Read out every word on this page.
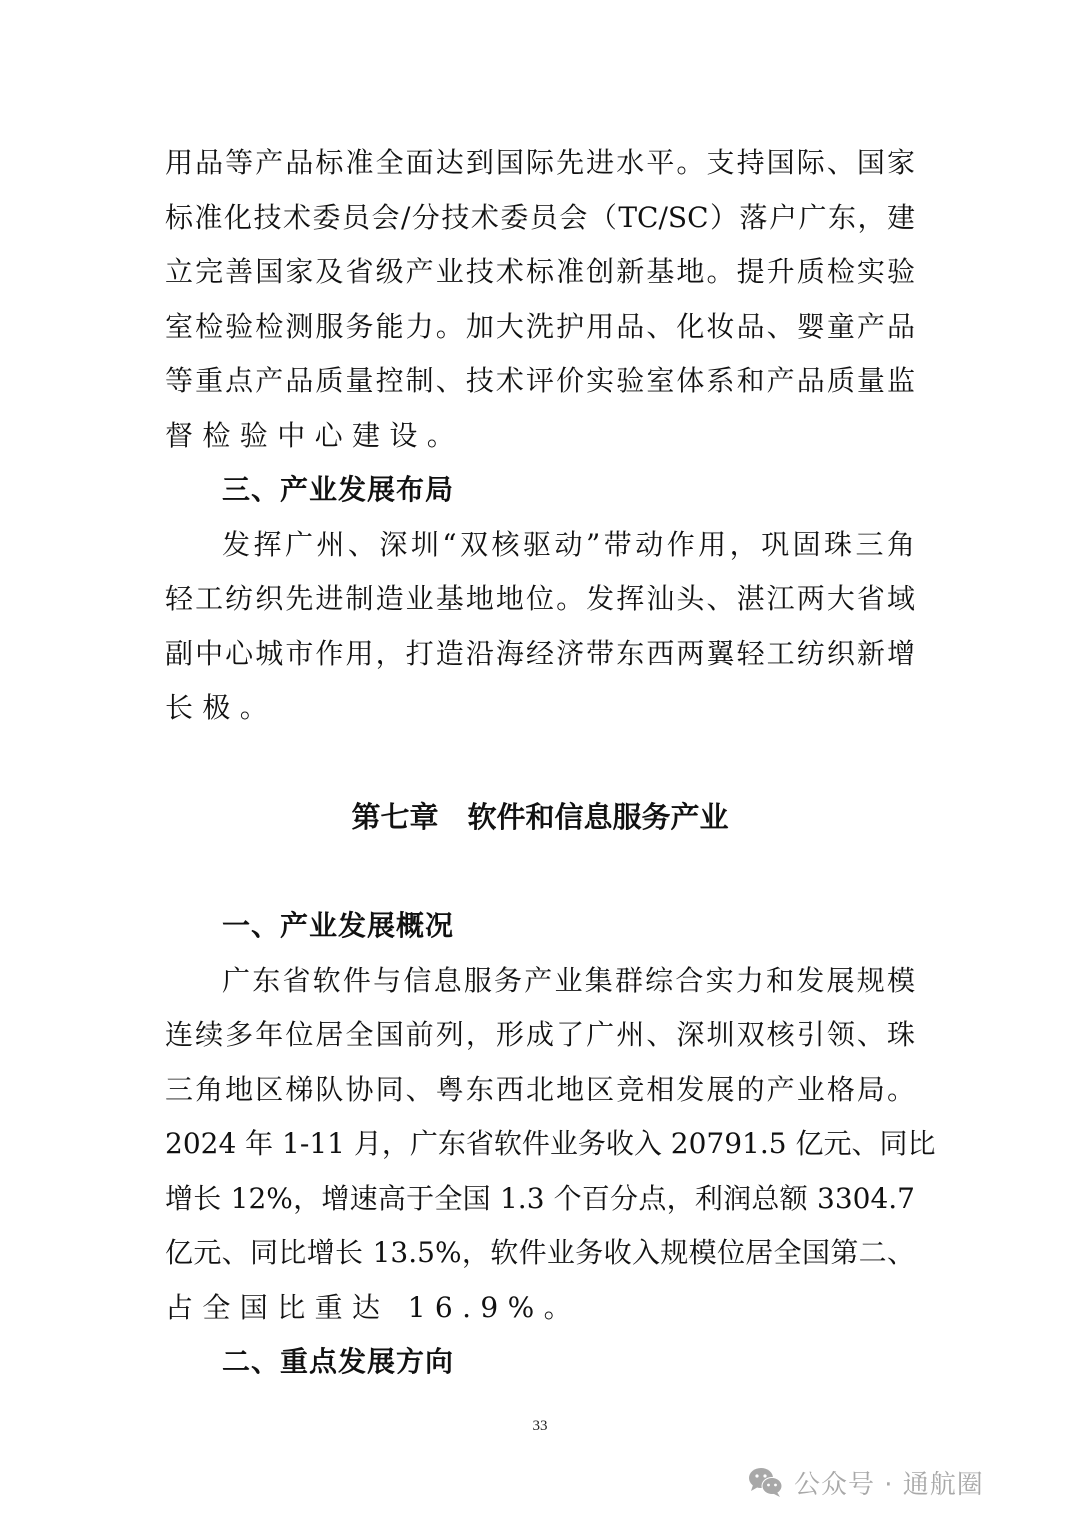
用品等产品标准全面达到国际先进水平。支持国际、国家
标准化技术委员会/分技术委员会（TC/SC）落户广东，建
立完善国家及省级产业技术标准创新基地。提升质检实验
室检验检测服务能力。加大洗护用品、化妆品、婴童产品
等重点产品质量控制、技术评价实验室体系和产品质量监
督检验中心建设。
三、产业发展布局
发挥广州、深圳“双核驱动”带动作用，巩固珠三角
轻工纺织先进制造业基地地位。发挥汕头、湛江两大省域
副中心城市作用，打造沿海经济带东西两翼轻工纺织新增
长极。
第七章　软件和信息服务产业
一、产业发展概况
广东省软件与信息服务产业集群综合实力和发展规模
连续多年位居全国前列，形成了广州、深圳双核引领、珠
三角地区梯队协同、粤东西北地区竞相发展的产业格局。
2024 年 1-11 月，广东省软件业务收入 20791.5 亿元、同比
增长 12%，增速高于全国 1.3 个百分点，利润总额 3304.7
亿元、同比增长 13.5%，软件业务收入规模位居全国第二、
占全国比重达 16.9%。
二、重点发展方向
33
公众号 · 通航圈
